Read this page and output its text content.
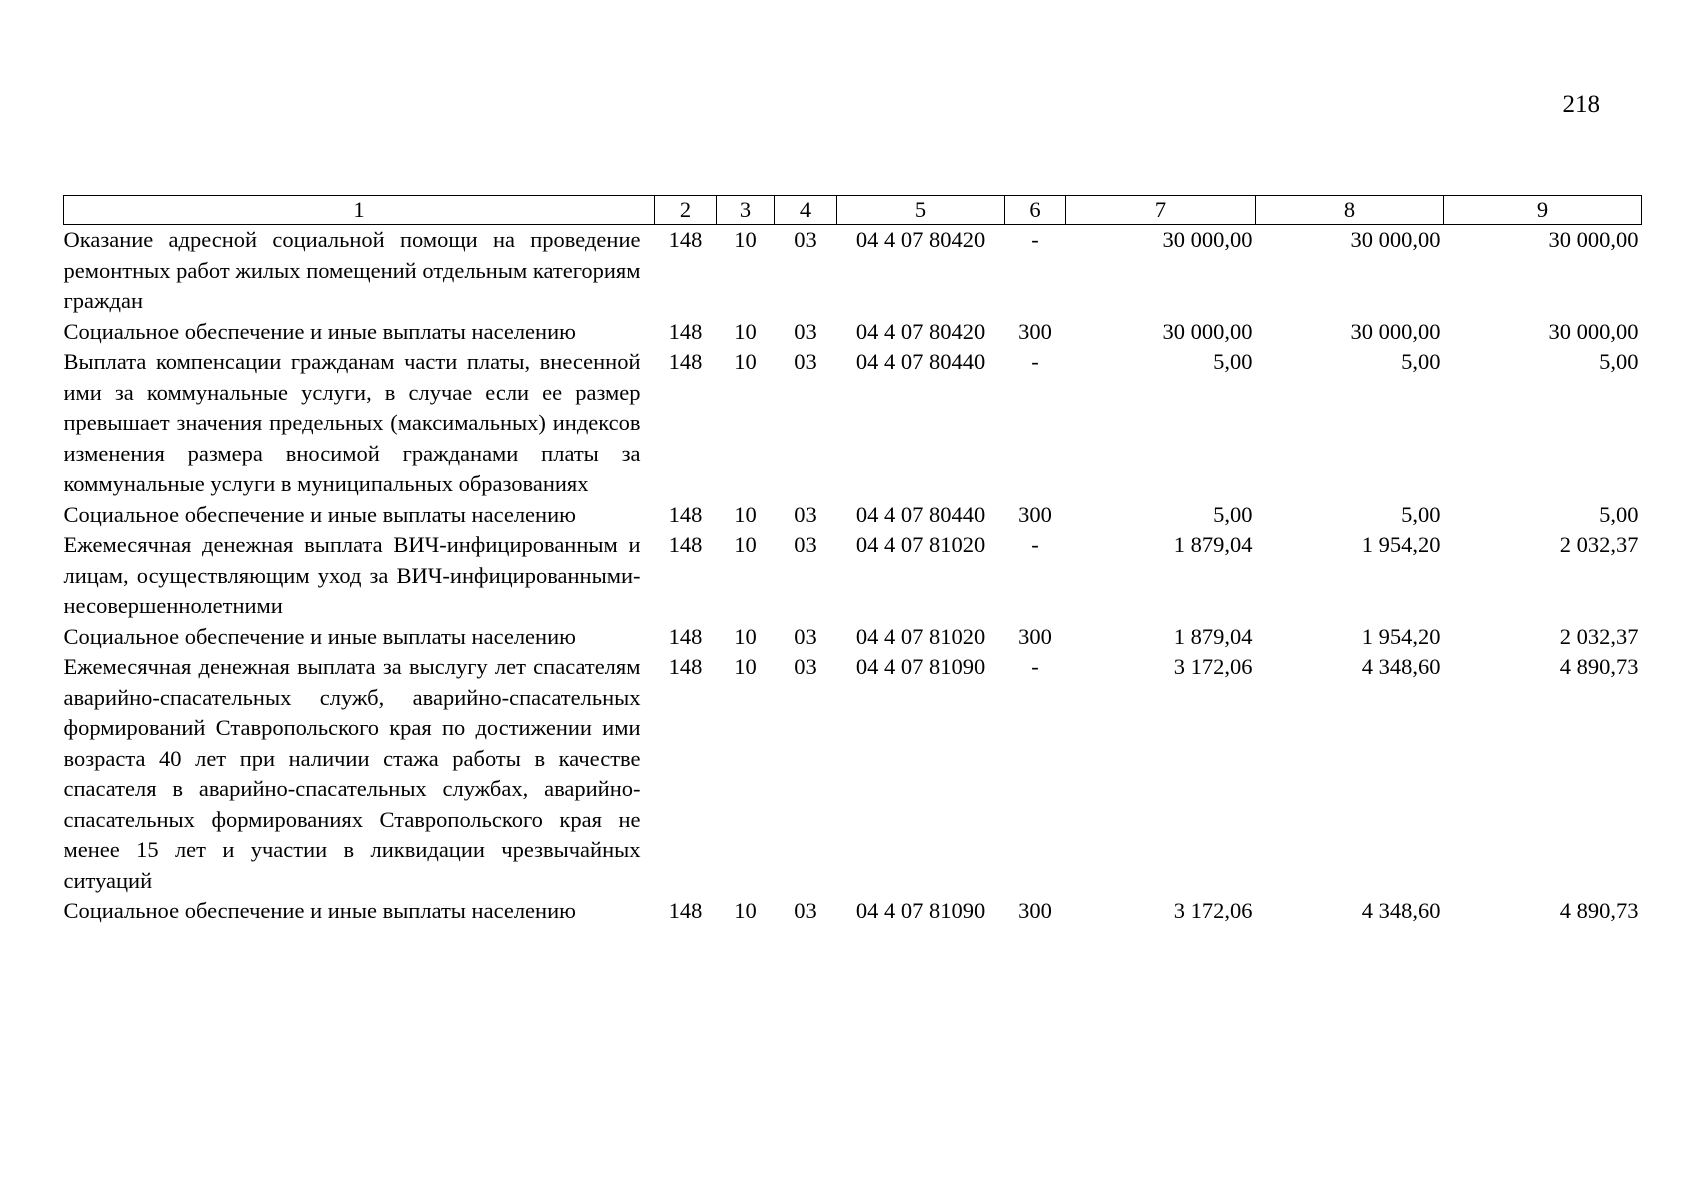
218
1	2	3	4	5	6	7	8	9
Оказание адресной социальной помощи на проведение ремонтных работ жилых помещений отдельным категориям граждан	148	10	03	04 4 07 80420	-	30 000,00	30 000,00	30 000,00
Социальное обеспечение и иные выплаты населению	148	10	03	04 4 07 80420	300	30 000,00	30 000,00	30 000,00
Выплата компенсации гражданам части платы, внесенной ими за коммунальные услуги, в случае если ее размер превышает значения предельных (максимальных) индексов изменения размера вносимой гражданами платы за коммунальные услуги в муниципальных образованиях	148	10	03	04 4 07 80440	-	5,00	5,00	5,00
Социальное обеспечение и иные выплаты населению	148	10	03	04 4 07 80440	300	5,00	5,00	5,00
Ежемесячная денежная выплата ВИЧ-инфицированным и лицам, осуществляющим уход за ВИЧ-инфицированными-несовершеннолетними	148	10	03	04 4 07 81020	-	1 879,04	1 954,20	2 032,37
Социальное обеспечение и иные выплаты населению	148	10	03	04 4 07 81020	300	1 879,04	1 954,20	2 032,37
Ежемесячная денежная выплата за выслугу лет спасателям аварийно-спасательных служб, аварийно-спасательных формирований Ставропольского края по достижении ими возраста 40 лет при наличии стажа работы в качестве спасателя в аварийно-спасательных службах, аварийно-спасательных формированиях Ставропольского края не менее 15 лет и участии в ликвидации чрезвычайных ситуаций	148	10	03	04 4 07 81090	-	3 172,06	4 348,60	4 890,73
Социальное обеспечение и иные выплаты населению	148	10	03	04 4 07 81090	300	3 172,06	4 348,60	4 890,73
